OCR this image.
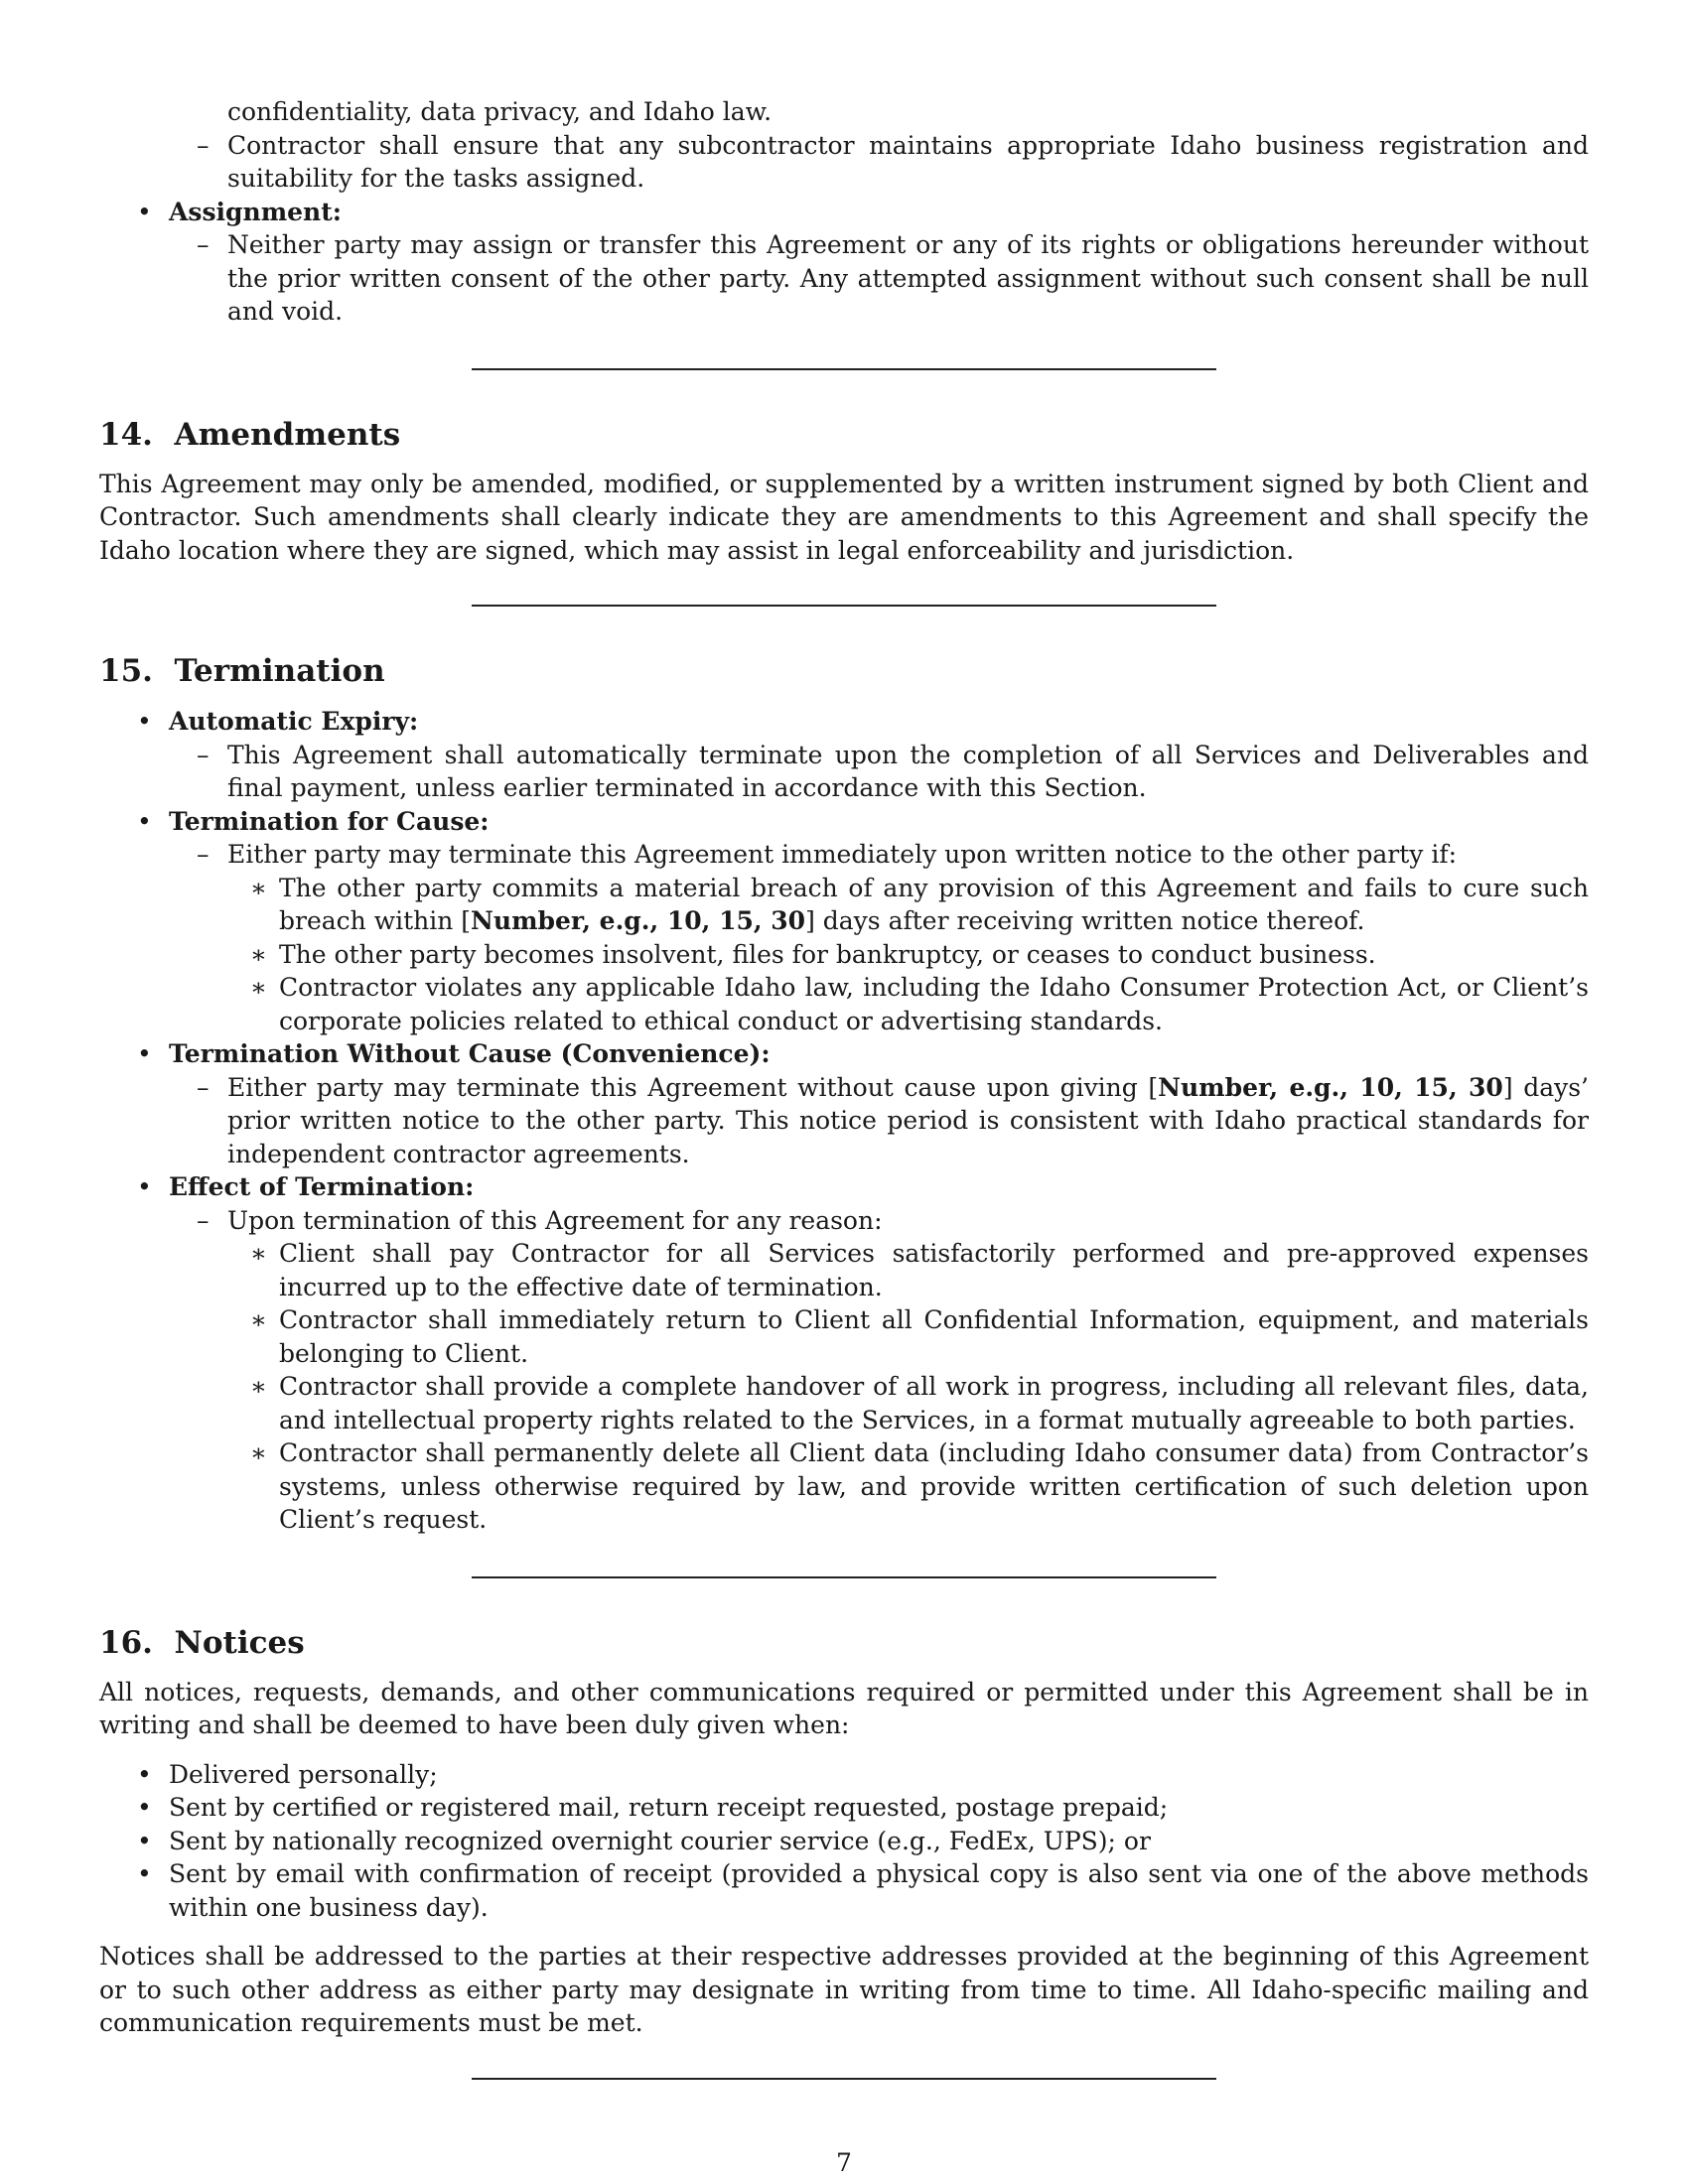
confidentiality, data privacy, and Idaho law.
– Contractor shall ensure that any subcontractor maintains appropriate Idaho business registration and suitability for the tasks assigned.
• Assignment:
– Neither party may assign or transfer this Agreement or any of its rights or obligations hereunder without the prior written consent of the other party. Any attempted assignment without such consent shall be null and void.
14. Amendments

This Agreement may only be amended, modified, or supplemented by a written instrument signed by both Client and Contractor. Such amendments shall clearly indicate they are amendments to this Agreement and shall specify the Idaho location where they are signed, which may assist in legal enforceability and jurisdiction.

15. Termination
• Automatic Expiry:
– This Agreement shall automatically terminate upon the completion of all Services and Deliverables and final payment, unless earlier terminated in accordance with this Section.
• Termination for Cause:
– Either party may terminate this Agreement immediately upon written notice to the other party if:
∗ The other party commits a material breach of any provision of this Agreement and fails to cure such breach within [Number, e.g., 10, 15, 30] days after receiving written notice thereof.
∗ The other party becomes insolvent, files for bankruptcy, or ceases to conduct business.
∗ Contractor violates any applicable Idaho law, including the Idaho Consumer Protection Act, or Client’s corporate policies related to ethical conduct or advertising standards.
• Termination Without Cause (Convenience):
– Either party may terminate this Agreement without cause upon giving [Number, e.g., 10, 15, 30] days’ prior written notice to the other party. This notice period is consistent with Idaho practical standards for independent contractor agreements.
• Effect of Termination:
– Upon termination of this Agreement for any reason:
∗ Client shall pay Contractor for all Services satisfactorily performed and pre-approved expenses incurred up to the effective date of termination.
∗ Contractor shall immediately return to Client all Confidential Information, equipment, and materials belonging to Client.
∗ Contractor shall provide a complete handover of all work in progress, including all relevant files, data, and intellectual property rights related to the Services, in a format mutually agreeable to both parties.
∗ Contractor shall permanently delete all Client data (including Idaho consumer data) from Contractor’s systems, unless otherwise required by law, and provide written certification of such deletion upon Client’s request.
16. Notices

All notices, requests, demands, and other communications required or permitted under this Agreement shall be in writing and shall be deemed to have been duly given when:

• Delivered personally;
• Sent by certified or registered mail, return receipt requested, postage prepaid;
• Sent by nationally recognized overnight courier service (e.g., FedEx, UPS); or
• Sent by email with confirmation of receipt (provided a physical copy is also sent via one of the above methods within one business day).

Notices shall be addressed to the parties at their respective addresses provided at the beginning of this Agreement or to such other address as either party may designate in writing from time to time. All Idaho-specific mailing and communication requirements must be met.

7
